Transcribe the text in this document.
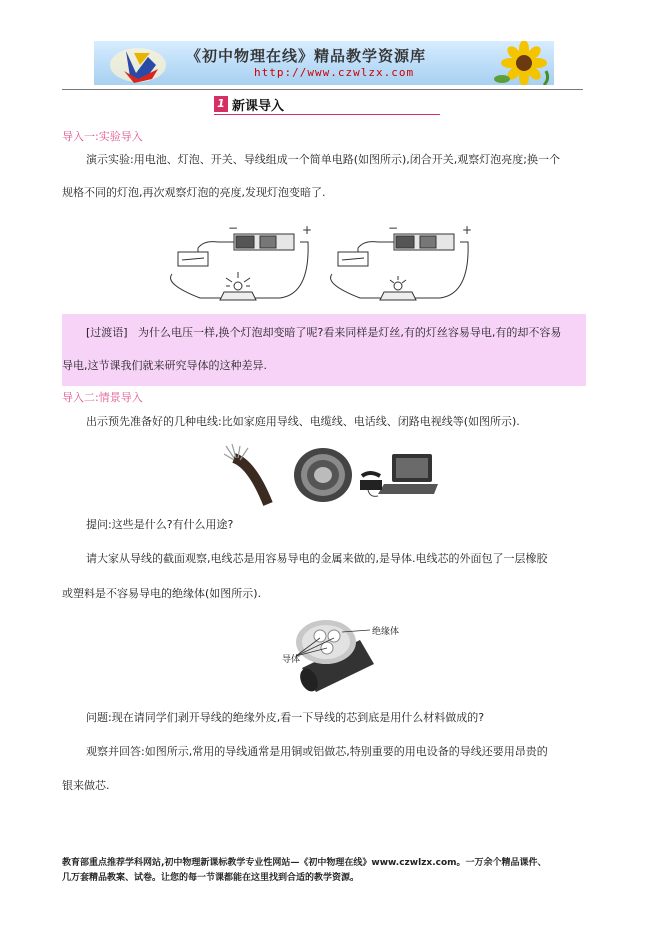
《初中物理在线》精品教学资源库
http://www.czwlzx.com
1 新课导入
导入一:实验导入
演示实验:用电池、灯泡、开关、导线组成一个简单电路(如图所示),闭合开关,观察灯泡亮度;换一个
规格不同的灯泡,再次观察灯泡的亮度,发现灯泡变暗了.
−	+	−	+
[过渡语] 为什么电压一样,换个灯泡却变暗了呢?看来同样是灯丝,有的灯丝容易导电,有的却不容易
导电,这节课我们就来研究导体的这种差异.
导入二:情景导入
出示预先准备好的几种电线:比如家庭用导线、电缆线、电话线、闭路电视线等(如图所示).
提问:这些是什么?有什么用途?
请大家从导线的截面观察,电线芯是用容易导电的金属来做的,是导体.电线芯的外面包了一层橡胶
或塑料是不容易导电的绝缘体(如图所示).
绝缘体
导体
问题:现在请同学们剥开导线的绝缘外皮,看一下导线的芯到底是用什么材料做成的?
观察并回答:如图所示,常用的导线通常是用铜或铝做芯,特别重要的用电设备的导线还要用昂贵的
银来做芯.
教育部重点推荐学科网站,初中物理新课标教学专业性网站—《初中物理在线》www.czwlzx.com。一万余个精品课件、
几万套精品教案、试卷。让您的每一节课都能在这里找到合适的教学资源。
